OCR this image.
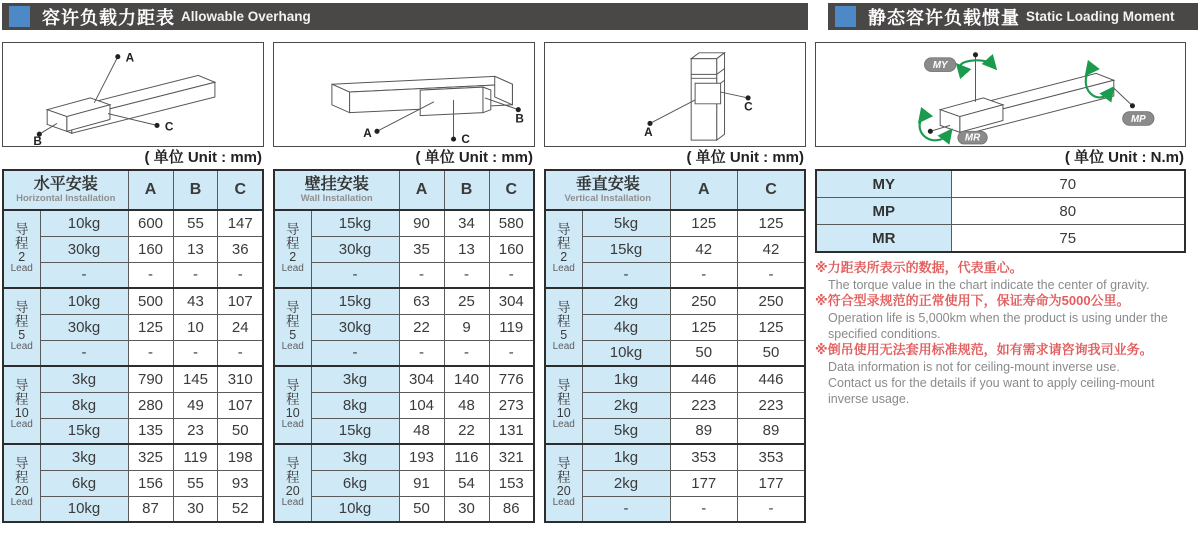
容许负载力距表 Allowable Overhang	静态容许负载惯量 Static Loading Moment
A
C
B
( 单位 Unit : mm)
水平安装
Horizontal Installation		A	B	C

导
程
2
Lead	10kg	600	55	147
	30kg	160	13	36
	-	-	-	-

导
程
5
Lead	10kg	500	43	107
	30kg	125	10	24
	-	-	-	-

导
程
10
Lead	3kg	790	145	310
	8kg	280	49	107
	15kg	135	23	50

导
程
20
Lead	3kg	325	119	198
	6kg	156	55	93
	10kg	87	30	52
A
B
C
( 单位 Unit : mm)
壁挂安装
Wall Installation		A	B	C

导
程
2
Lead	15kg	90	34	580
	30kg	35	13	160
	-	-	-	-

导
程
5
Lead	15kg	63	25	304
	30kg	22	9	119
	-	-	-	-

导
程
10
Lead	3kg	304	140	776
	8kg	104	48	273
	15kg	48	22	131

导
程
20
Lead	3kg	193	116	321
	6kg	91	54	153
	10kg	50	30	86
A
C
( 单位 Unit : mm)
垂直安装
Vertical Installation		A	C

导
程
2
Lead	5kg	125	125
	15kg	42	42
	-	-	-

导
程
5
Lead	2kg	250	250
	4kg	125	125
	10kg	50	50

导
程
10
Lead	1kg	446	446
	2kg	223	223
	5kg	89	89

导
程
20
Lead	1kg	353	353
	2kg	177	177
	-	-	-
MY
MP
MR
( 单位 Unit : N.m)
MY	70
MP	80
MR	75
※力距表所表示的数据，代表重心。
The torque value in the chart indicate the center of gravity.
※符合型录规范的正常使用下，保证寿命为5000公里。
Operation life is 5,000km when the product is using under the
specified conditions.
※倒吊使用无法套用标准规范，如有需求请咨询我司业务。
Data information is not for ceiling-mount inverse use.
Contact us for the details if you want to apply ceiling-mount
inverse usage.
